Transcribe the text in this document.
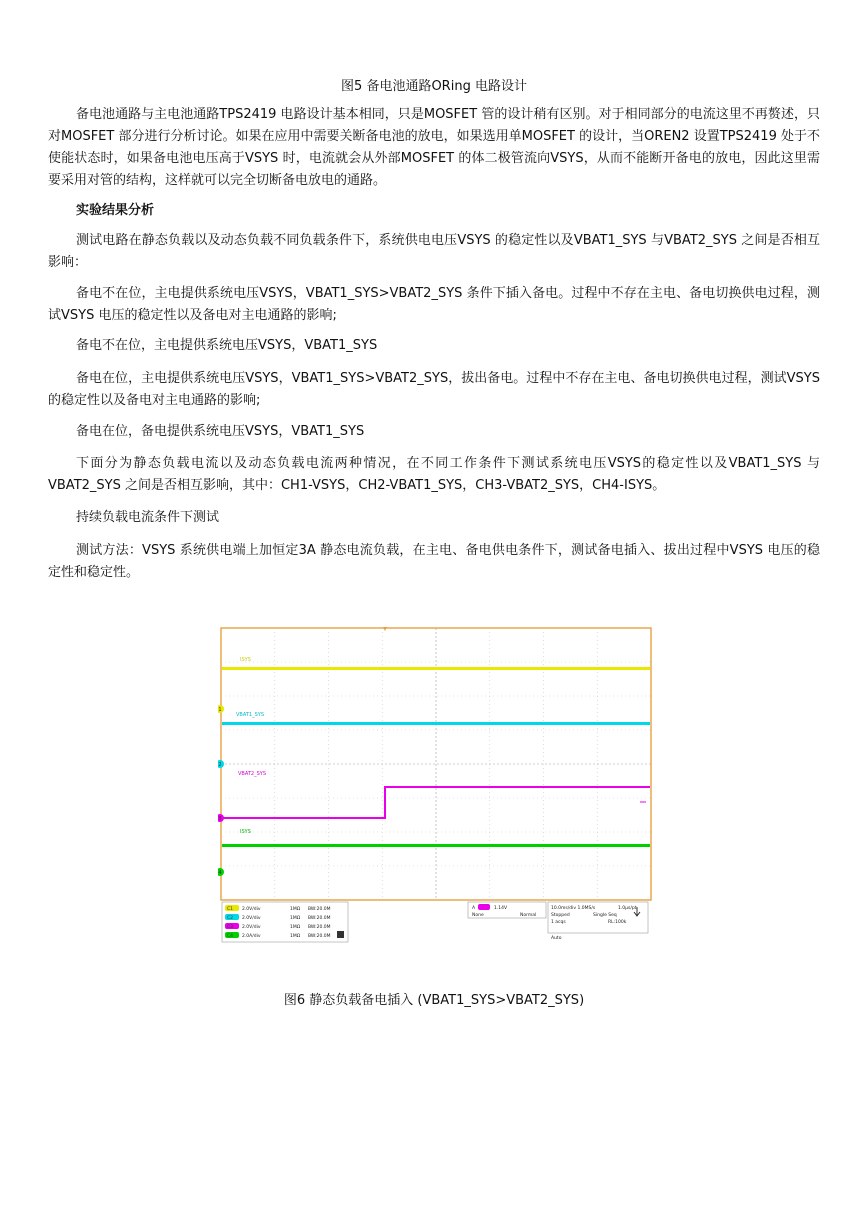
图5 备电池通路ORing 电路设计

备电池通路与主电池通路TPS2419 电路设计基本相同，只是MOSFET 管的设计稍有区别。对于相同部分的电流这里不再赘述，只对MOSFET 部分进行分析讨论。如果在应用中需要关断备电池的放电，如果选用单MOSFET 的设计，当OREN2 设置TPS2419 处于不使能状态时，如果备电池电压高于VSYS 时，电流就会从外部MOSFET 的体二极管流向VSYS，从而不能断开备电的放电，因此这里需要采用对管的结构，这样就可以完全切断备电放电的通路。

实验结果分析

测试电路在静态负载以及动态负载不同负载条件下，系统供电电压VSYS 的稳定性以及VBAT1_SYS 与VBAT2_SYS 之间是否相互影响：

备电不在位，主电提供系统电压VSYS，VBAT1_SYS>VBAT2_SYS 条件下插入备电。过程中不存在主电、备电切换供电过程，测试VSYS 电压的稳定性以及备电对主电通路的影响;

备电不在位，主电提供系统电压VSYS，VBAT1_SYS

备电在位，主电提供系统电压VSYS，VBAT1_SYS>VBAT2_SYS，拔出备电。过程中不存在主电、备电切换供电过程，测试VSYS 的稳定性以及备电对主电通路的影响;

备电在位，备电提供系统电压VSYS，VBAT1_SYS

下面分为静态负载电流以及动态负载电流两种情况，在不同工作条件下测试系统电压VSYS的稳定性以及VBAT1_SYS 与VBAT2_SYS 之间是否相互影响，其中：CH1-VSYS，CH2-VBAT1_SYS，CH3-VBAT2_SYS，CH4-ISYS。

持续负载电流条件下测试

测试方法：VSYS 系统供电端上加恒定3A 静态电流负载，在主电、备电供电条件下，测试备电插入、拔出过程中VSYS 电压的稳定性和稳定性。

ISYS
VBAT1_SYS
VBAT2_SYS
ISYS
1
2
3
4
C1 2.0V/div	1MΩ BW:20.0M
C2 2.0V/div	1MΩ BW:20.0M
C3 2.0V/div	1MΩ BW:20.0M
C4 2.0A/div	1MΩ BW:20.0M
A	1.14V
None	Normal
10.0ms/div 1.0MS/s	1.0μs/pt
Stopped	Single Seq
1 acqs	RL:100k
Auto
图6 静态负载备电插入 (VBAT1_SYS>VBAT2_SYS)
